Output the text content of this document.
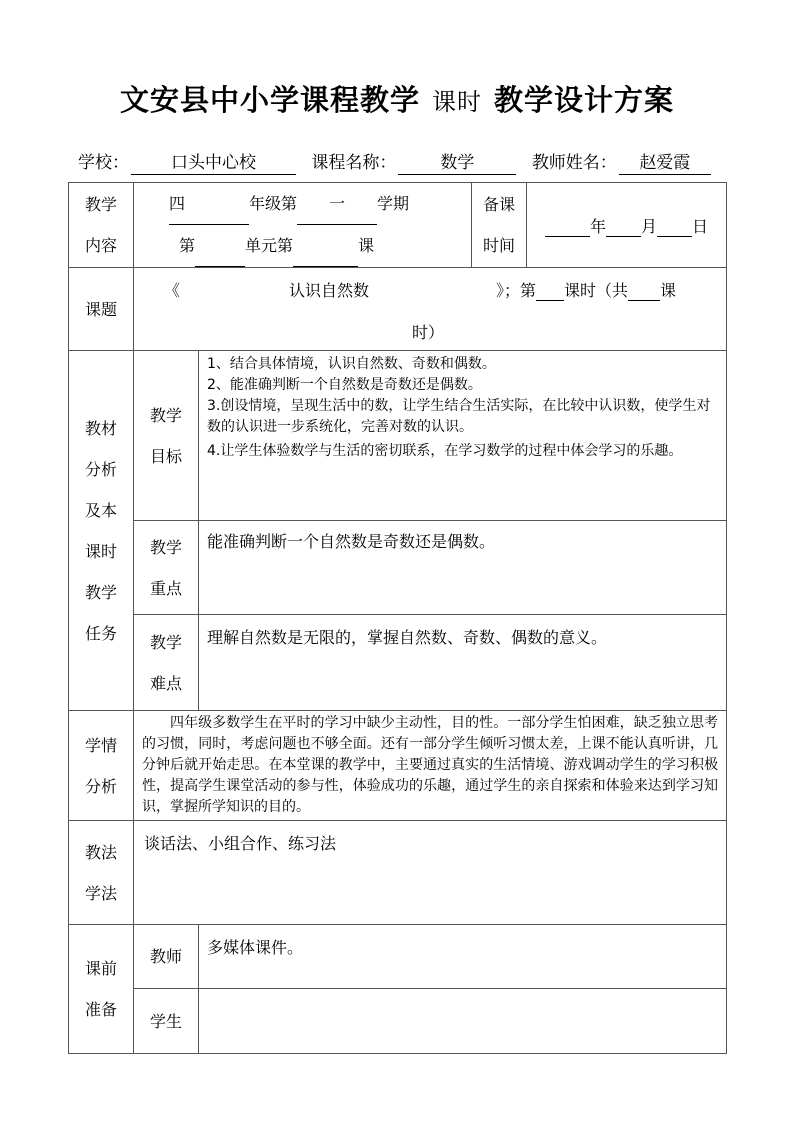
文安县中小学课程教学 课时 教学设计方案
学校： 口头中心校	课程名称：	数学	教师姓名： 赵爱霞
教学内容	四 年级第 一 学期
第 单元第 课		备课时间	年 月 日

课题	《 认识自然数 》；第 课时（共 课
时）			

教材分析及本课时教学任务	教学目标	1、结合具体情境，认识自然数、奇数和偶数。
2、能准确判断一个自然数是奇数还是偶数。
3.创设情境，呈现生活中的数，让学生结合生活实际，在比较中认识数，使学生对数的认识进一步系统化，完善对数的认识。
4.让学生体验数学与生活的密切联系，在学习数学的过程中体会学习的乐趣。		

	教学重点	能准确判断一个自然数是奇数还是偶数。		

	教学难点	理解自然数是无限的，掌握自然数、奇数、偶数的意义。		

学情分析	四年级多数学生在平时的学习中缺少主动性，目的性。一部分学生怕困难，缺乏独立思考的习惯，同时，考虑问题也不够全面。还有一部分学生倾听习惯太差，上课不能认真听讲，几分钟后就开始走思。在本堂课的教学中，主要通过真实的生活情境、游戏调动学生的学习积极性，提高学生课堂活动的参与性，体验成功的乐趣，通过学生的亲自探索和体验来达到学习知识，掌握所学知识的目的。			

教法学法	谈话法、小组合作、练习法			

课前准备	教师	多媒体课件。		

	学生			
